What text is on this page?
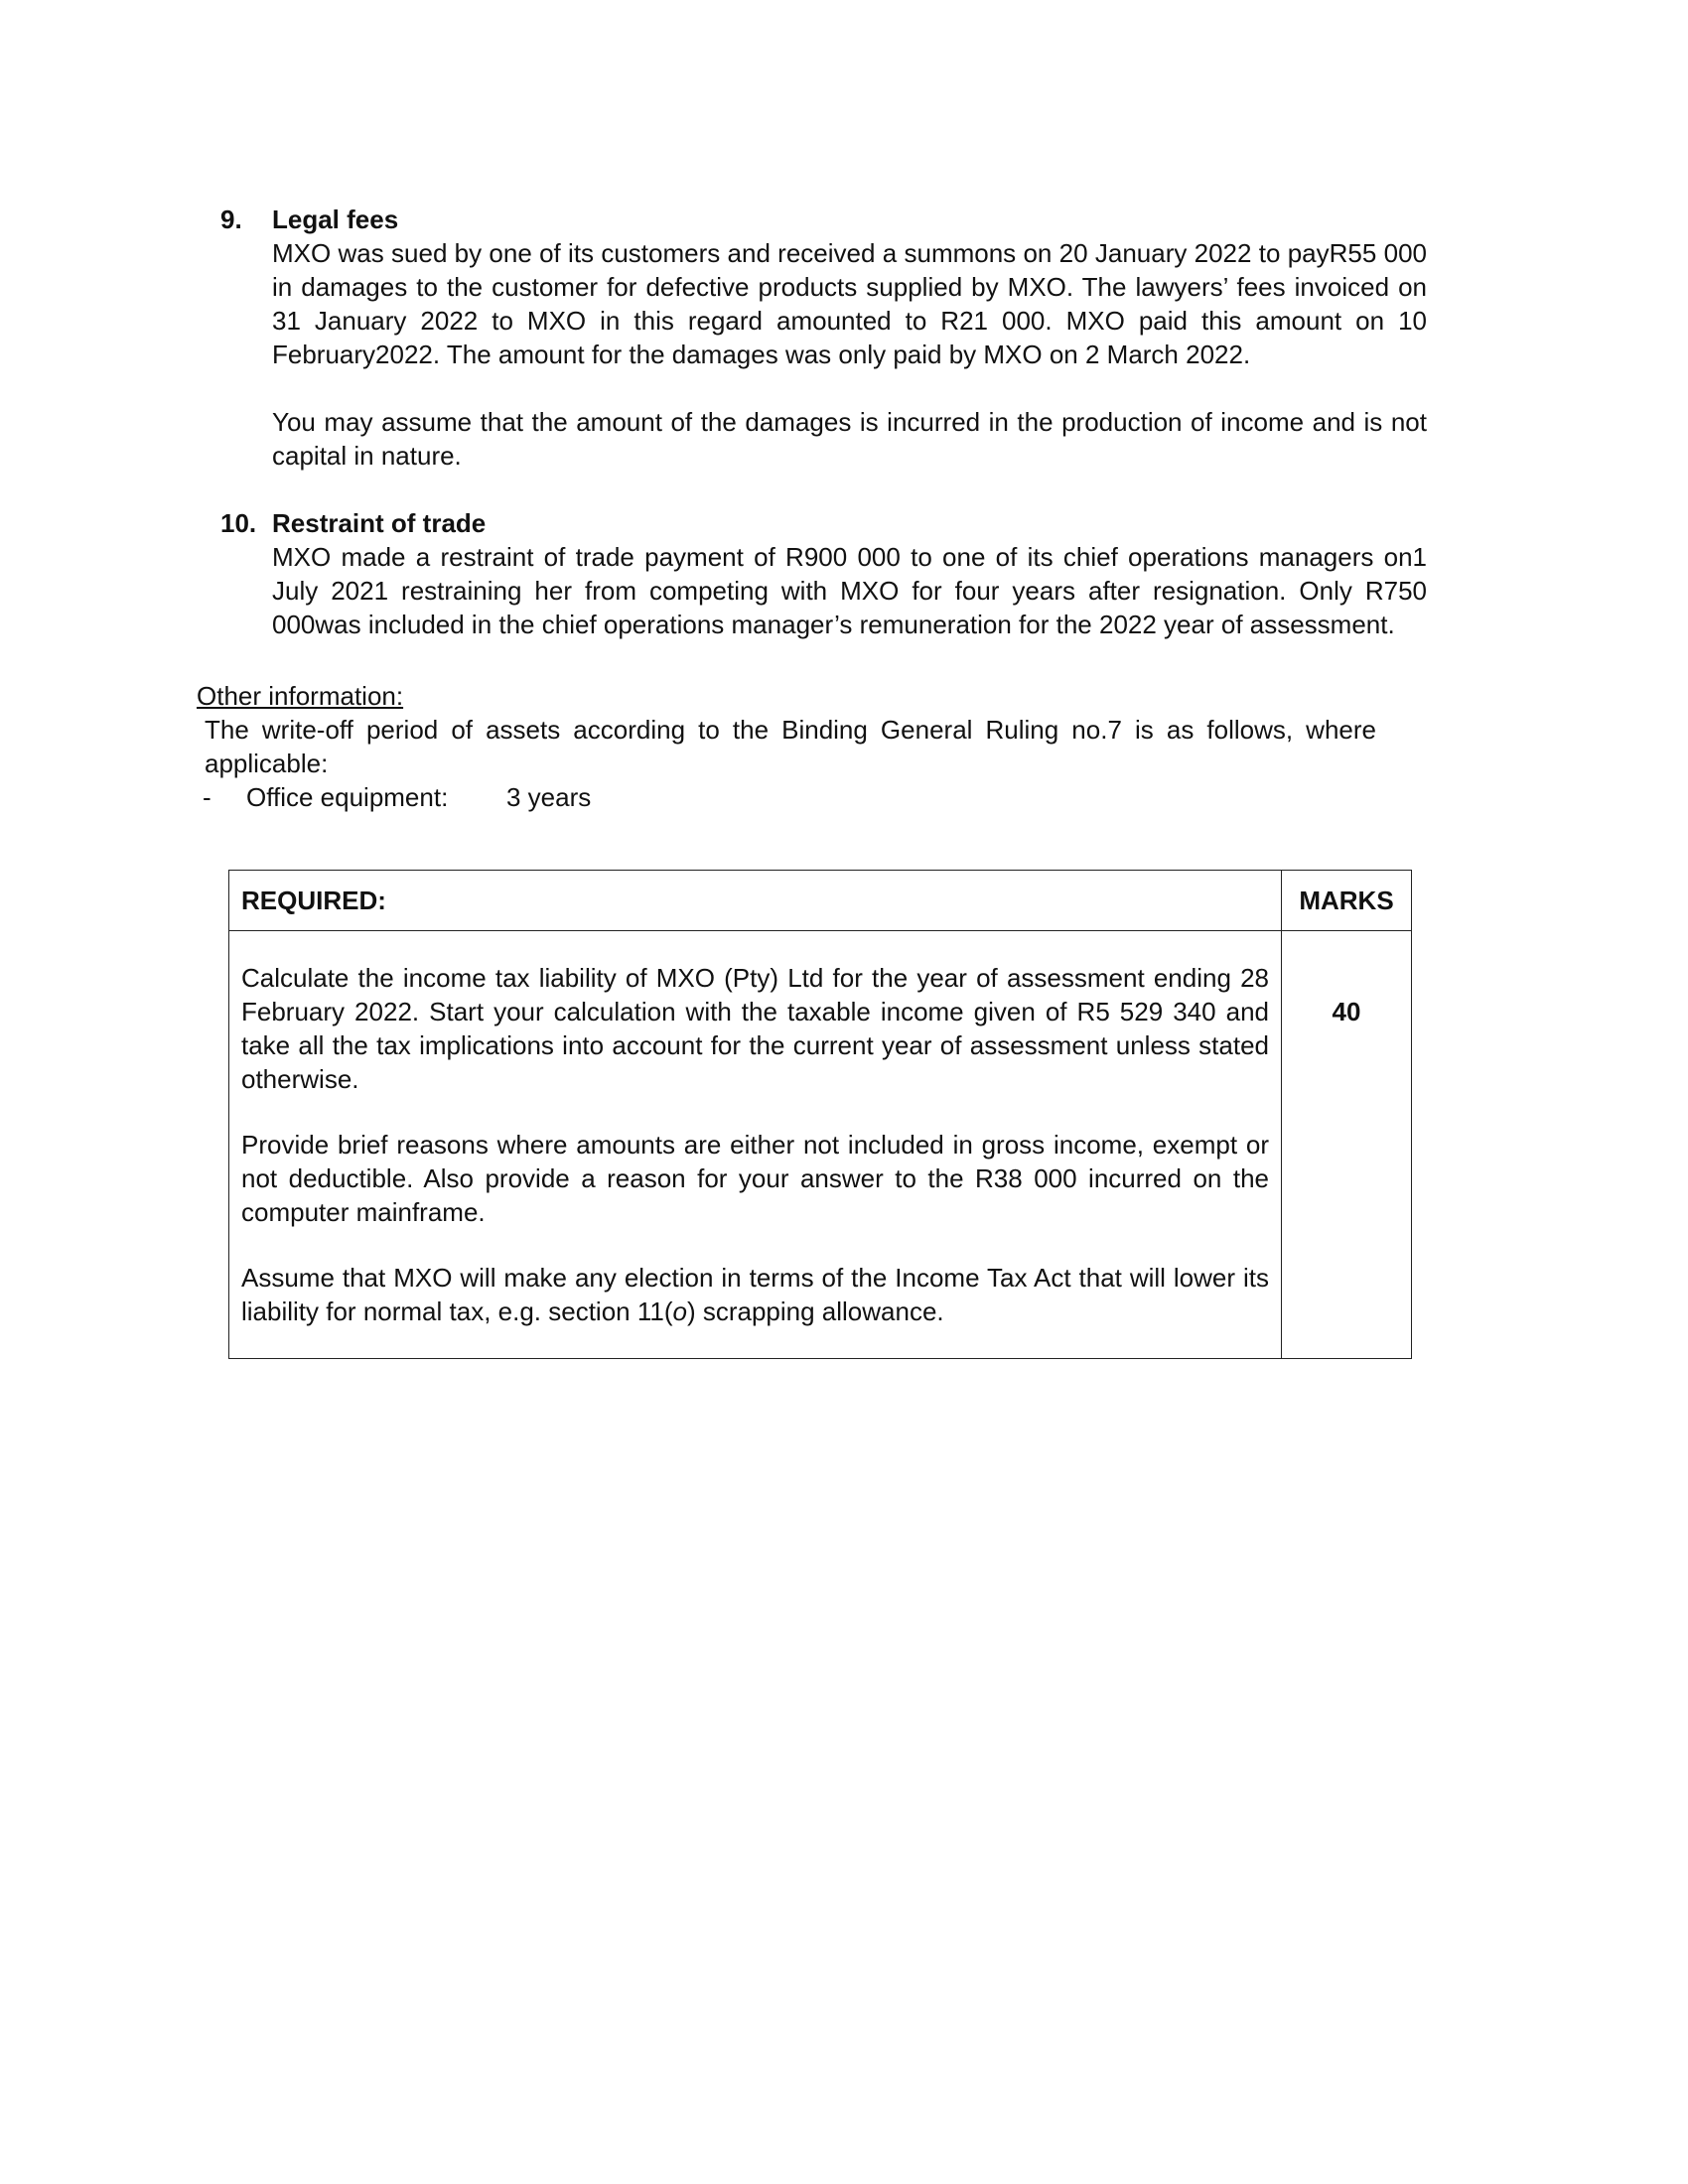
9. Legal fees

MXO was sued by one of its customers and received a summons on 20 January 2022 to payR55 000 in damages to the customer for defective products supplied by MXO. The lawyers’ fees invoiced on 31 January 2022 to MXO in this regard amounted to R21 000. MXO paid this amount on 10 February2022. The amount for the damages was only paid by MXO on 2 March 2022.

You may assume that the amount of the damages is incurred in the production of income and is not capital in nature.

10. Restraint of trade

MXO made a restraint of trade payment of R900 000 to one of its chief operations managers on1 July 2021 restraining her from competing with MXO for four years after resignation. Only R750 000was included in the chief operations manager’s remuneration for the 2022 year of assessment.

Other information:

The write-off period of assets according to the Binding General Ruling no.7 is as follows, where applicable:

- Office equipment: 3 years
REQUIRED:	MARKS

Calculate the income tax liability of MXO (Pty) Ltd for the year of assessment ending 28 February 2022. Start your calculation with the taxable income given of R5 529 340 and take all the tax implications into account for the current year of assessment unless stated otherwise.

Provide brief reasons where amounts are either not included in gross income, exempt or not deductible. Also provide a reason for your answer to the R38 000 incurred on the computer mainframe.

Assume that MXO will make any election in terms of the Income Tax Act that will lower its liability for normal tax, e.g. section 11(o) scrapping allowance.	40
